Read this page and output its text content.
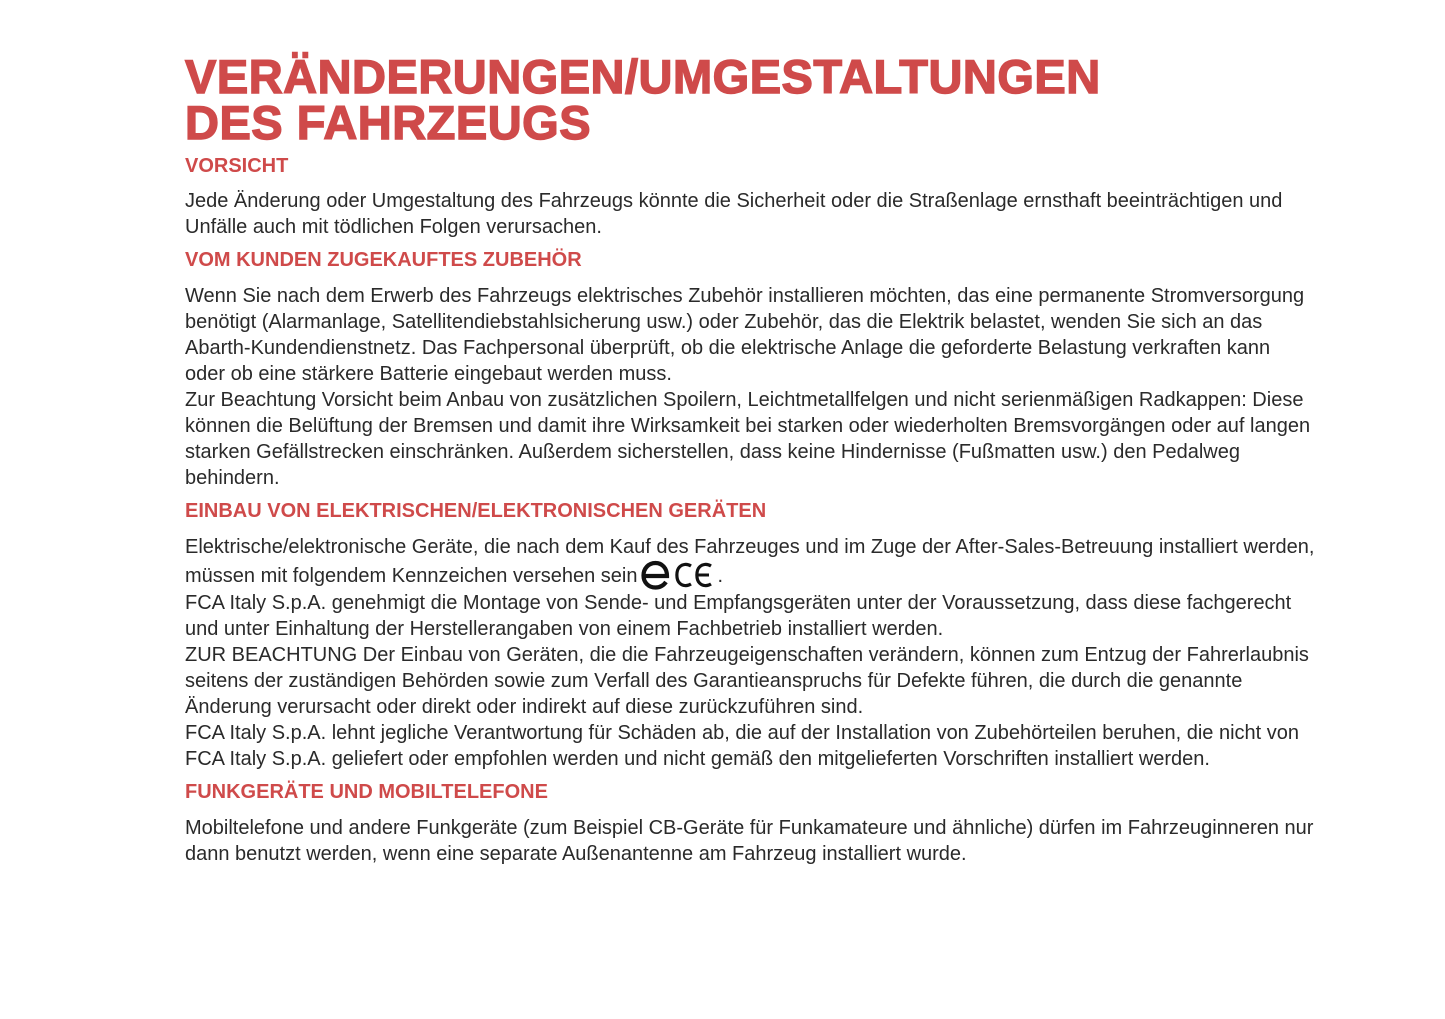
VERÄNDERUNGEN/UMGESTALTUNGEN
DES FAHRZEUGS
VORSICHT

Jede Änderung oder Umgestaltung des Fahrzeugs könnte die Sicherheit oder die Straßenlage ernsthaft beeinträchtigen und
Unfälle auch mit tödlichen Folgen verursachen.

VOM KUNDEN ZUGEKAUFTES ZUBEHÖR

Wenn Sie nach dem Erwerb des Fahrzeugs elektrisches Zubehör installieren möchten, das eine permanente Stromversorgung
benötigt (Alarmanlage, Satellitendiebstahlsicherung usw.) oder Zubehör, das die Elektrik belastet, wenden Sie sich an das
Abarth-Kundendienstnetz. Das Fachpersonal überprüft, ob die elektrische Anlage die geforderte Belastung verkraften kann
oder ob eine stärkere Batterie eingebaut werden muss.
Zur Beachtung Vorsicht beim Anbau von zusätzlichen Spoilern, Leichtmetallfelgen und nicht serienmäßigen Radkappen: Diese
können die Belüftung der Bremsen und damit ihre Wirksamkeit bei starken oder wiederholten Bremsvorgängen oder auf langen
starken Gefällstrecken einschränken. Außerdem sicherstellen, dass keine Hindernisse (Fußmatten usw.) den Pedalweg
behindern.

EINBAU VON ELEKTRISCHEN/ELEKTRONISCHEN GERÄTEN

Elektrische/elektronische Geräte, die nach dem Kauf des Fahrzeuges und im Zuge der After-Sales-Betreuung installiert werden,
müssen mit folgendem Kennzeichen versehen sein	.
FCA Italy S.p.A. genehmigt die Montage von Sende- und Empfangsgeräten unter der Voraussetzung, dass diese fachgerecht
und unter Einhaltung der Herstellerangaben von einem Fachbetrieb installiert werden.
ZUR BEACHTUNG Der Einbau von Geräten, die die Fahrzeugeigenschaften verändern, können zum Entzug der Fahrerlaubnis
seitens der zuständigen Behörden sowie zum Verfall des Garantieanspruchs für Defekte führen, die durch die genannte
Änderung verursacht oder direkt oder indirekt auf diese zurückzuführen sind.
FCA Italy S.p.A. lehnt jegliche Verantwortung für Schäden ab, die auf der Installation von Zubehörteilen beruhen, die nicht von
FCA Italy S.p.A. geliefert oder empfohlen werden und nicht gemäß den mitgelieferten Vorschriften installiert werden.

FUNKGERÄTE UND MOBILTELEFONE

Mobiltelefone und andere Funkgeräte (zum Beispiel CB-Geräte für Funkamateure und ähnliche) dürfen im Fahrzeuginneren nur
dann benutzt werden, wenn eine separate Außenantenne am Fahrzeug installiert wurde.
